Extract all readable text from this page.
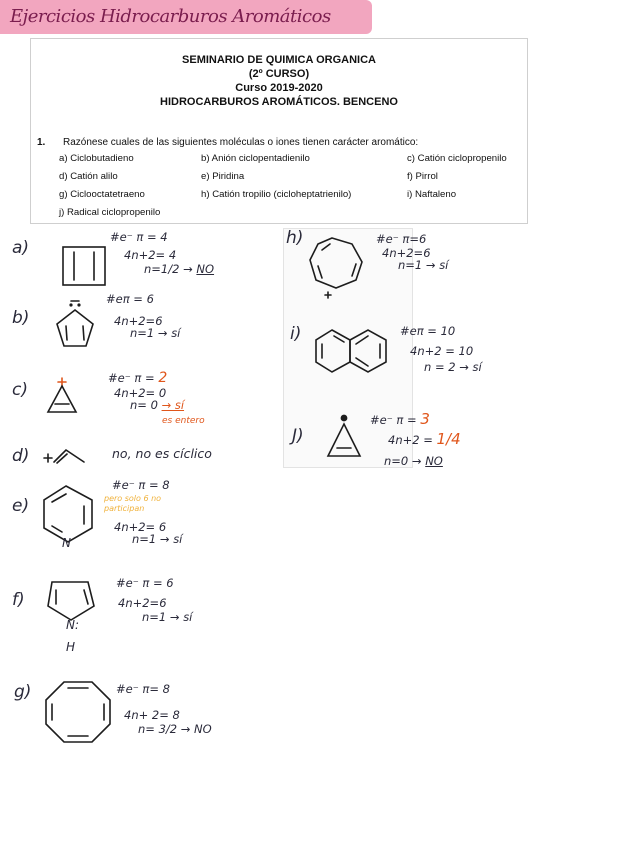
Ejercicios Hidrocarburos Aromáticos
SEMINARIO DE QUIMICA ORGANICA
(2º CURSO)
Curso 2019-2020
HIDROCARBUROS AROMÁTICOS. BENCENO
1. Razónese cuales de las siguientes moléculas o iones tienen carácter aromático:
a) Ciclobutadieno	b) Anión ciclopentadienilo	c) Catión ciclopropenilo
d) Catión alilo	e) Piridina	f) Pirrol
g) Ciclooctatetraeno	h) Catión tropilio (cicloheptatrienilo)	i) Naftaleno
j) Radical ciclopropenilo
a)
#e⁻ π = 4
4n+2= 4
n=1/2 → NO
b)
#eπ = 6
4n+2=6
n=1 → sí
c)
#e⁻ π = 2
4n+2= 0
n= 0 → sí
es entero
d)	no, no es cíclico
e)
N
#e⁻ π = 8
pero solo 6 no participan
4n+2= 6
n=1 → sí
f)
N:
H
#e⁻ π = 6
4n+2=6
n=1 → sí
g)	#e⁻ π= 8
4n+ 2= 8
n= 3/2 → NO
h)	#e⁻ π=6
4n+2=6
n=1 → sí
i)	#eπ = 10
4n+2 = 10
n = 2 → sí
J)
#e⁻ π = 3
4n+2 = 1/4
n=0 → NO
